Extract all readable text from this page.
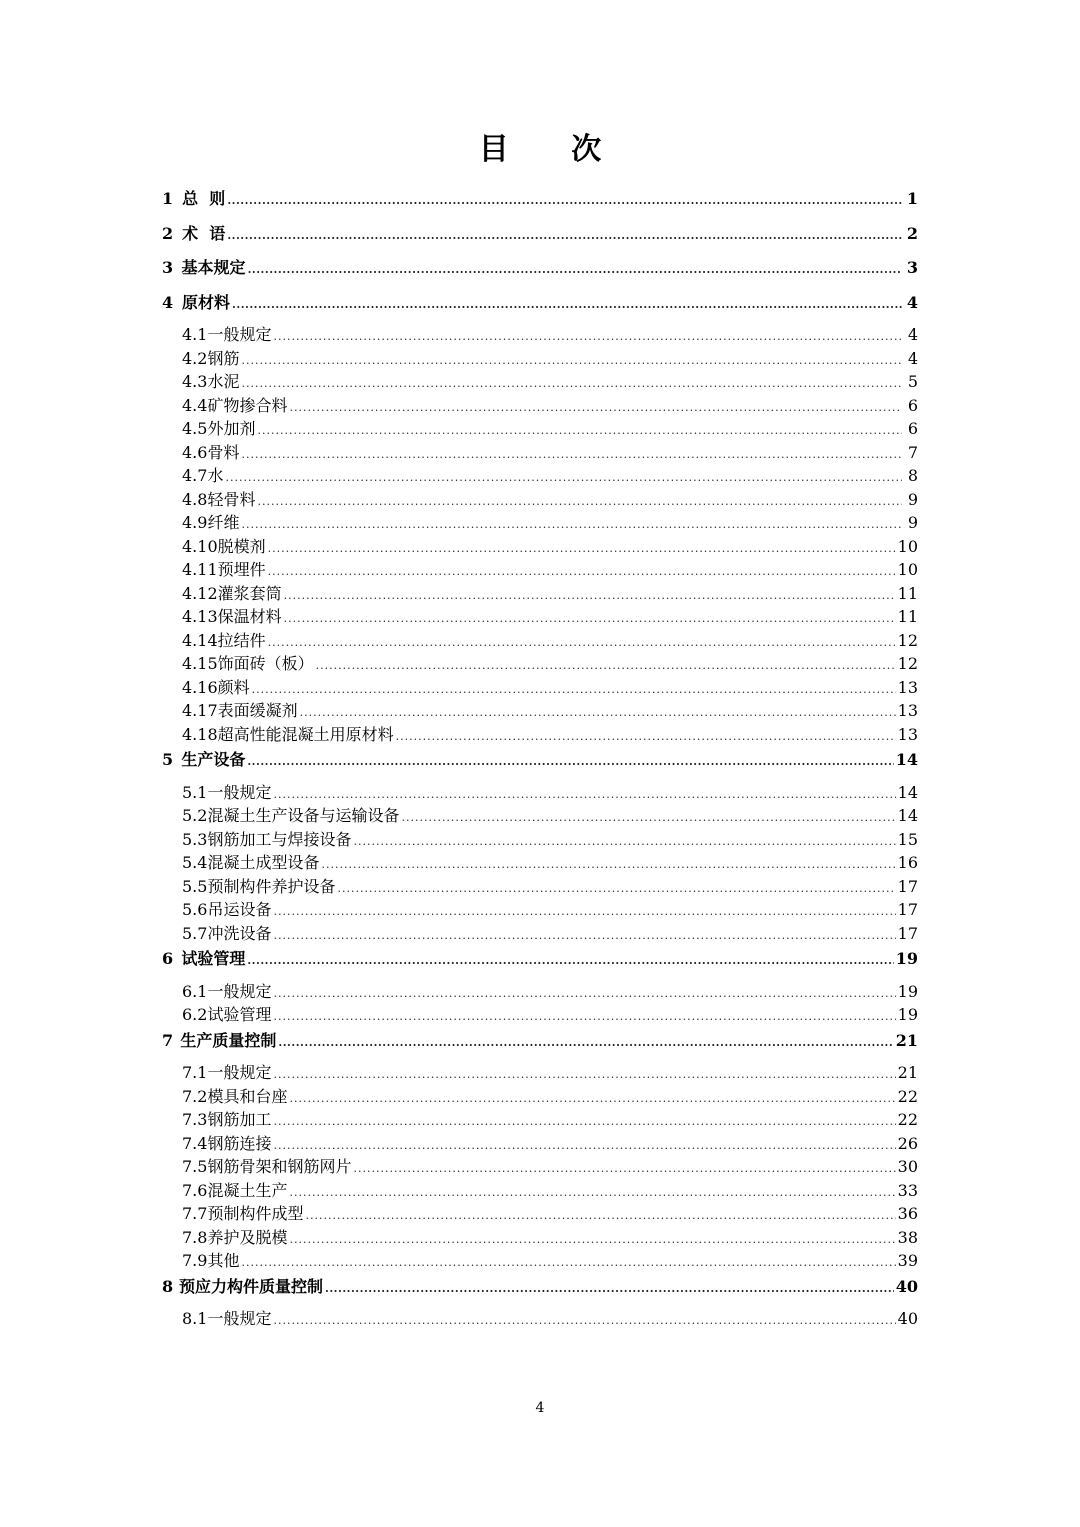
目 次
1 总  则 .....	1
2 术  语 .....	2
3 基本规定 .....	3
4 原材料 .....	4
4.1 一般规定 .....	4
4.2 钢筋 .....	4
4.3 水泥 .....	5
4.4 矿物掺合料 .....	6
4.5 外加剂 .....	6
4.6 骨料 .....	7
4.7 水 .....	8
4.8 轻骨料 .....	9
4.9 纤维 .....	9
4.10 脱模剂 .....	10
4.11 预埋件 .....	10
4.12 灌浆套筒 .....	11
4.13 保温材料 .....	11
4.14 拉结件 .....	12
4.15 饰面砖（板） .....	12
4.16 颜料 .....	13
4.17 表面缓凝剂 .....	13
4.18 超高性能混凝土用原材料 .....	13
5 生产设备 .....	14
5.1 一般规定 .....	14
5.2 混凝土生产设备与运输设备 .....	14
5.3 钢筋加工与焊接设备 .....	15
5.4 混凝土成型设备 .....	16
5.5 预制构件养护设备 .....	17
5.6 吊运设备 .....	17
5.7 冲洗设备 .....	17
6 试验管理 .....	19
6.1 一般规定 .....	19
6.2 试验管理 .....	19
7 生产质量控制 .....	21
7.1 一般规定 .....	21
7.2 模具和台座 .....	22
7.3 钢筋加工 .....	22
7.4 钢筋连接 .....	26
7.5 钢筋骨架和钢筋网片 .....	30
7.6 混凝土生产 .....	33
7.7 预制构件成型 .....	36
7.8 养护及脱模 .....	38
7.9 其他 .....	39
8 预应力构件质量控制 .....	40
8.1 一般规定 .....	40
4
